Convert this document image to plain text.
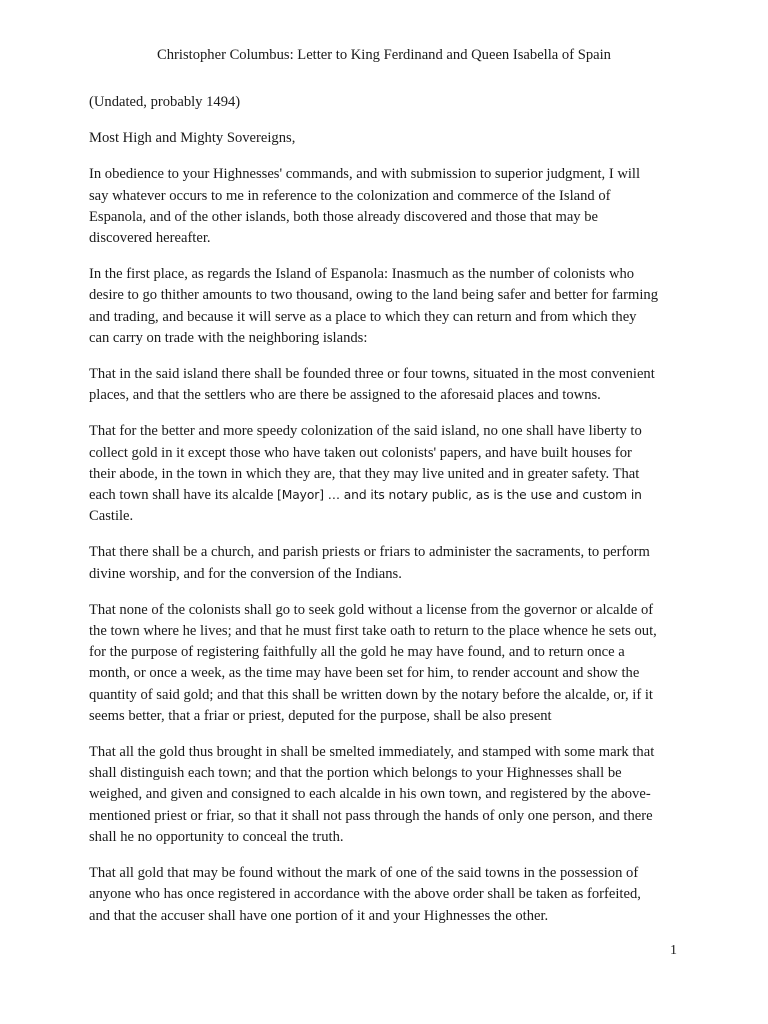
Christopher Columbus: Letter to King Ferdinand and Queen Isabella of Spain

(Undated, probably 1494)

Most High and Mighty Sovereigns,

In obedience to your Highnesses' commands, and with submission to superior judgment, I will
say whatever occurs to me in reference to the colonization and commerce of the Island of
Espanola, and of the other islands, both those already discovered and those that may be
discovered hereafter.

In the first place, as regards the Island of Espanola: Inasmuch as the number of colonists who
desire to go thither amounts to two thousand, owing to the land being safer and better for farming
and trading, and because it will serve as a place to which they can return and from which they
can carry on trade with the neighboring islands:

That in the said island there shall be founded three or four towns, situated in the most convenient
places, and that the settlers who are there be assigned to the aforesaid places and towns.

That for the better and more speedy colonization of the said island, no one shall have liberty to
collect gold in it except those who have taken out colonists' papers, and have built houses for
their abode, in the town in which they are, that they may live united and in greater safety. That
each town shall have its alcalde [Mayor] … and its notary public, as is the use and custom in
Castile.

That there shall be a church, and parish priests or friars to administer the sacraments, to perform
divine worship, and for the conversion of the Indians.

That none of the colonists shall go to seek gold without a license from the governor or alcalde of
the town where he lives; and that he must first take oath to return to the place whence he sets out,
for the purpose of registering faithfully all the gold he may have found, and to return once a
month, or once a week, as the time may have been set for him, to render account and show the
quantity of said gold; and that this shall be written down by the notary before the alcalde, or, if it
seems better, that a friar or priest, deputed for the purpose, shall be also present

That all the gold thus brought in shall be smelted immediately, and stamped with some mark that
shall distinguish each town; and that the portion which belongs to your Highnesses shall be
weighed, and given and consigned to each alcalde in his own town, and registered by the above-
mentioned priest or friar, so that it shall not pass through the hands of only one person, and there
shall he no opportunity to conceal the truth.

That all gold that may be found without the mark of one of the said towns in the possession of
anyone who has once registered in accordance with the above order shall be taken as forfeited,
and that the accuser shall have one portion of it and your Highnesses the other.

1
